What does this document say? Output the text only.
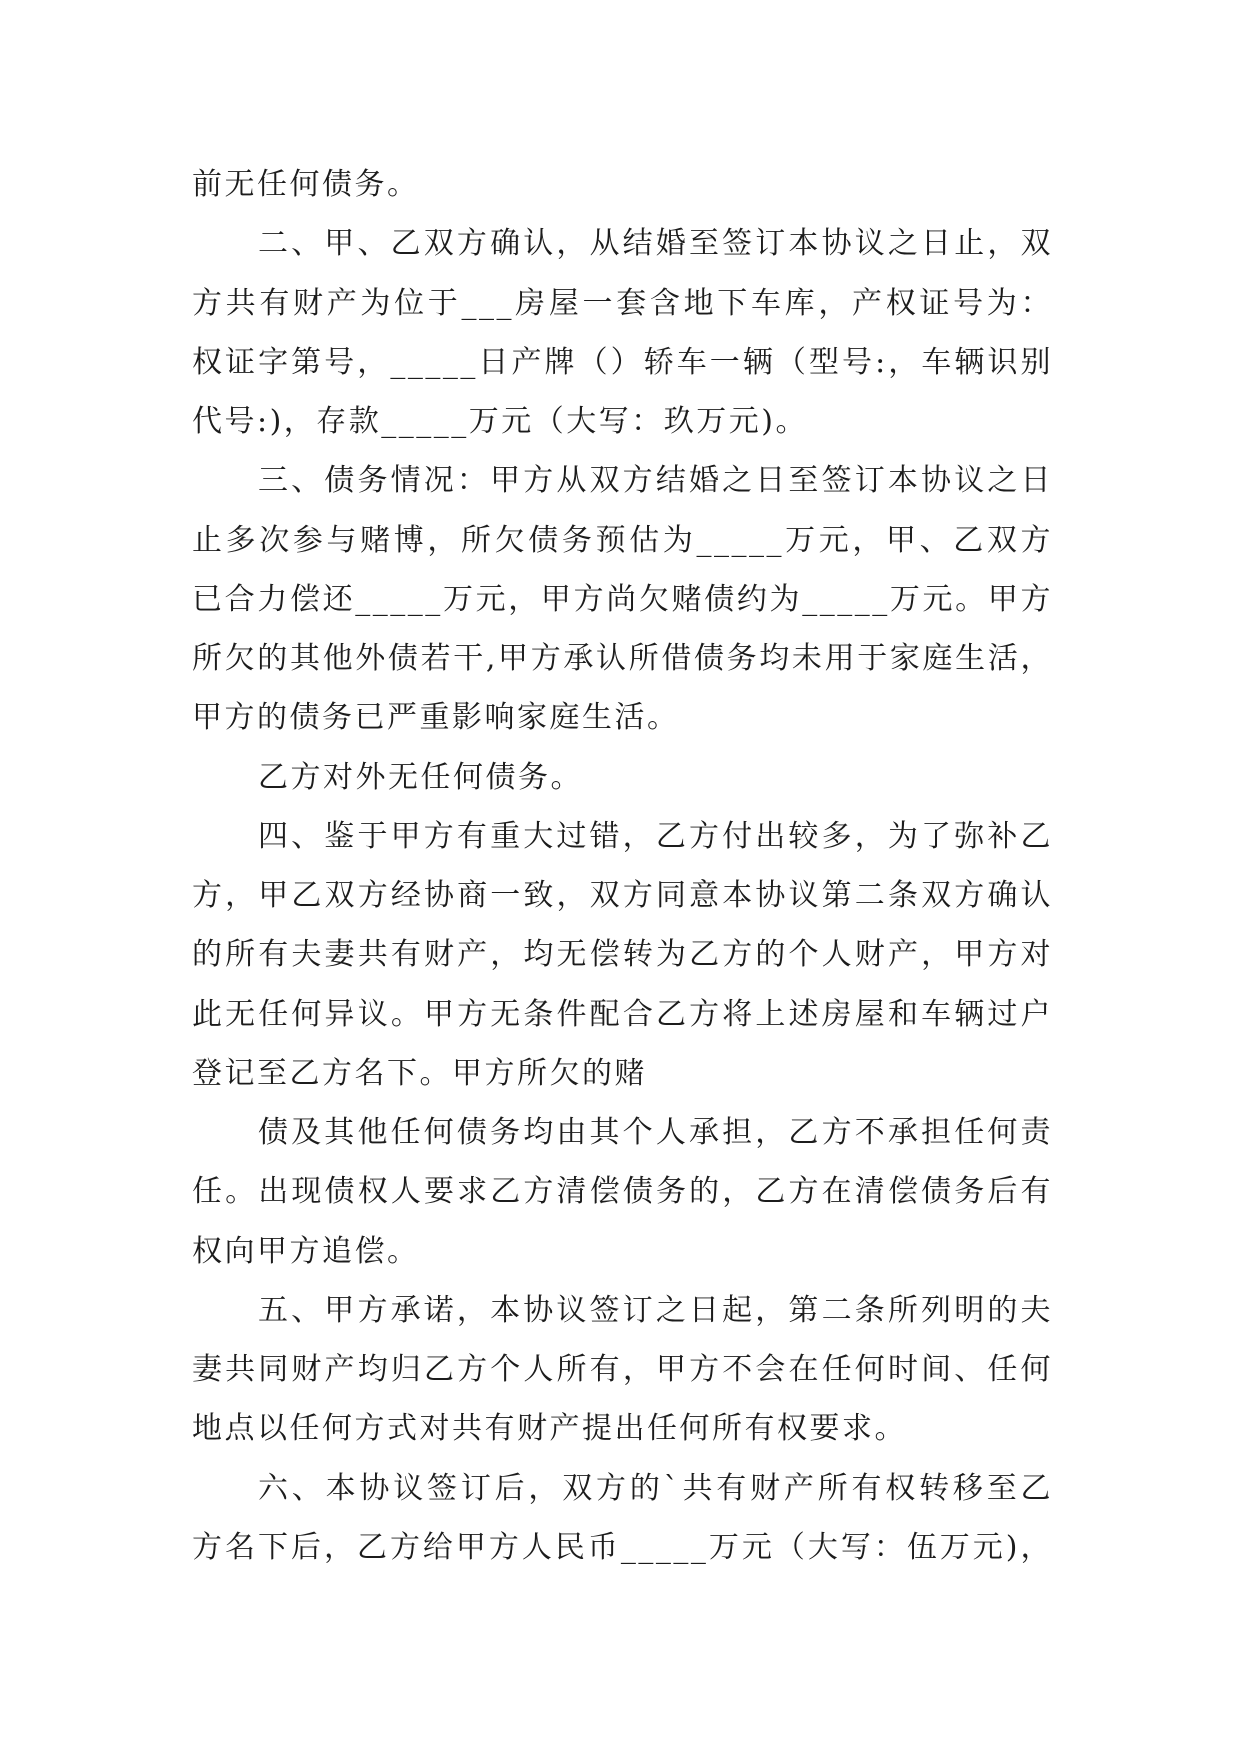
前无任何债务。
二、甲、乙双方确认，从结婚至签订本协议之日止，双
方共有财产为位于___房屋一套含地下车库，产权证号为：
权证字第号，_____日产牌（）轿车一辆（型号:，车辆识别
代号:)，存款_____万元（大写：玖万元)。
三、债务情况：甲方从双方结婚之日至签订本协议之日
止多次参与赌博，所欠债务预估为_____万元，甲、乙双方
已合力偿还_____万元，甲方尚欠赌债约为_____万元。甲方
所欠的其他外债若干,甲方承认所借债务均未用于家庭生活，
甲方的债务已严重影响家庭生活。
乙方对外无任何债务。
四、鉴于甲方有重大过错，乙方付出较多，为了弥补乙
方，甲乙双方经协商一致，双方同意本协议第二条双方确认
的所有夫妻共有财产，均无偿转为乙方的个人财产，甲方对
此无任何异议。甲方无条件配合乙方将上述房屋和车辆过户
登记至乙方名下。甲方所欠的赌
债及其他任何债务均由其个人承担，乙方不承担任何责
任。出现债权人要求乙方清偿债务的，乙方在清偿债务后有
权向甲方追偿。
五、甲方承诺，本协议签订之日起，第二条所列明的夫
妻共同财产均归乙方个人所有，甲方不会在任何时间、任何
地点以任何方式对共有财产提出任何所有权要求。
六、本协议签订后，双方的`共有财产所有权转移至乙
方名下后，乙方给甲方人民币_____万元（大写：伍万元)，
